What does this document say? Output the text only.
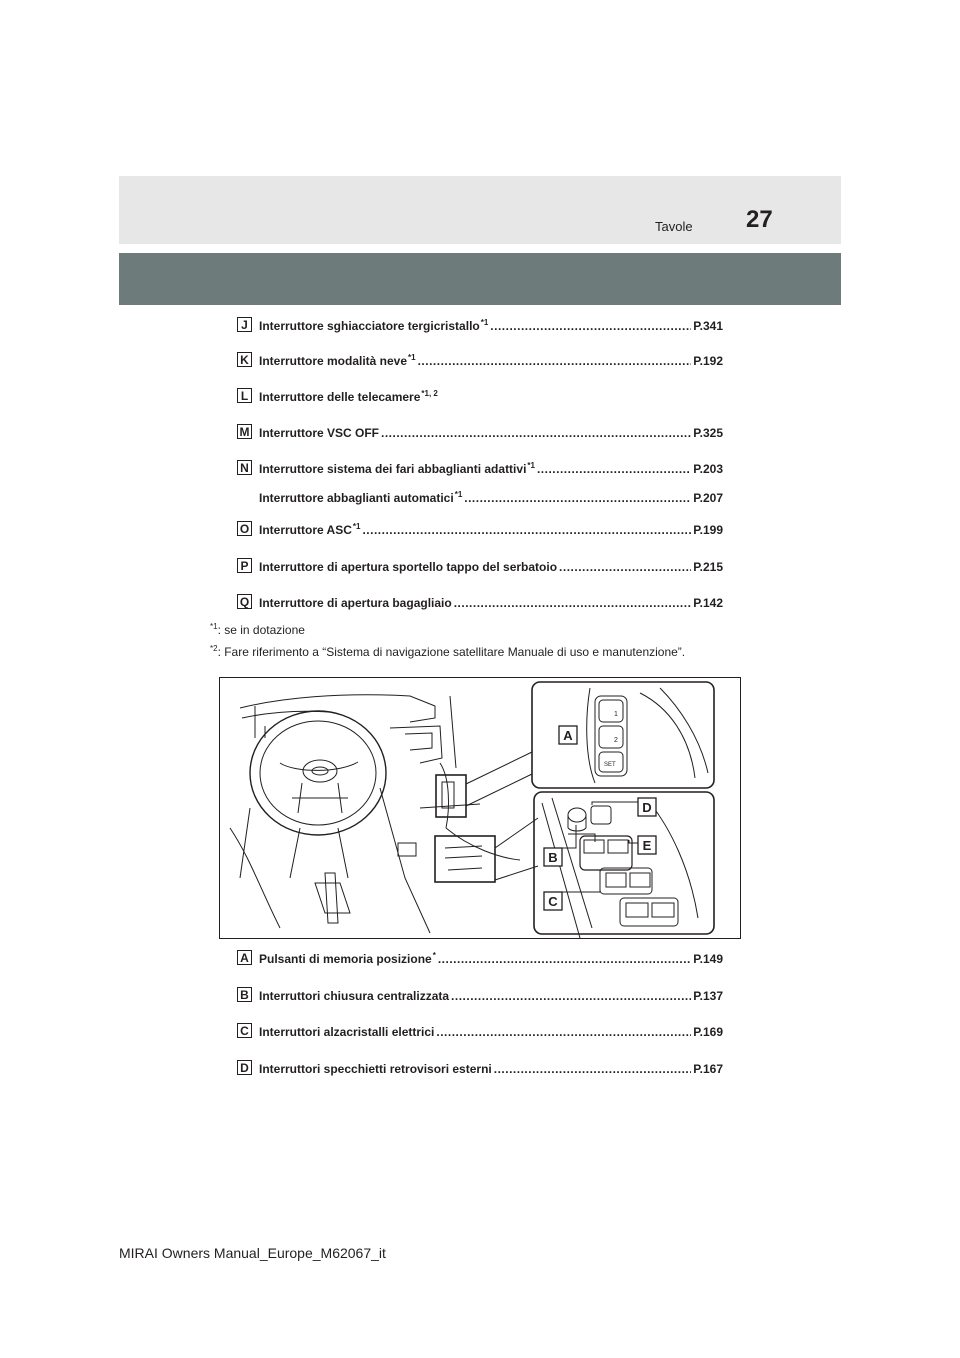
27
Tavole
J Interruttore sghiacciatore tergicristallo$^{*1}$ .....	P.341
K Interruttore modalità neve$^{*1}$ .....	P.192
L Interruttore delle telecamere$^{*1, 2}$
M Interruttore VSC OFF .....	P.325
N Interruttore sistema dei fari abbaglianti adattivi$^{*1}$ .....	P.203
Interruttore abbaglianti automatici$^{*1}$ .....	P.207
O Interruttore ASC$^{*1}$ .....	P.199
P Interruttore di apertura sportello tappo del serbatoio .....	P.215
Q Interruttore di apertura bagagliaio .....	P.142
$^{*1}$: se in dotazione
$^{*2}$: Fare riferimento a “Sistema di navigazione satellitare Manuale di uso e manutenzione”.
A
B
C
D
E
1
2
SET
A Pulsanti di memoria posizione* .....	P.149
B Interruttori chiusura centralizzata .....	P.137
C Interruttori alzacristalli elettrici .....	P.169
D Interruttori specchietti retrovisori esterni .....	P.167
MIRAI Owners Manual_Europe_M62067_it
